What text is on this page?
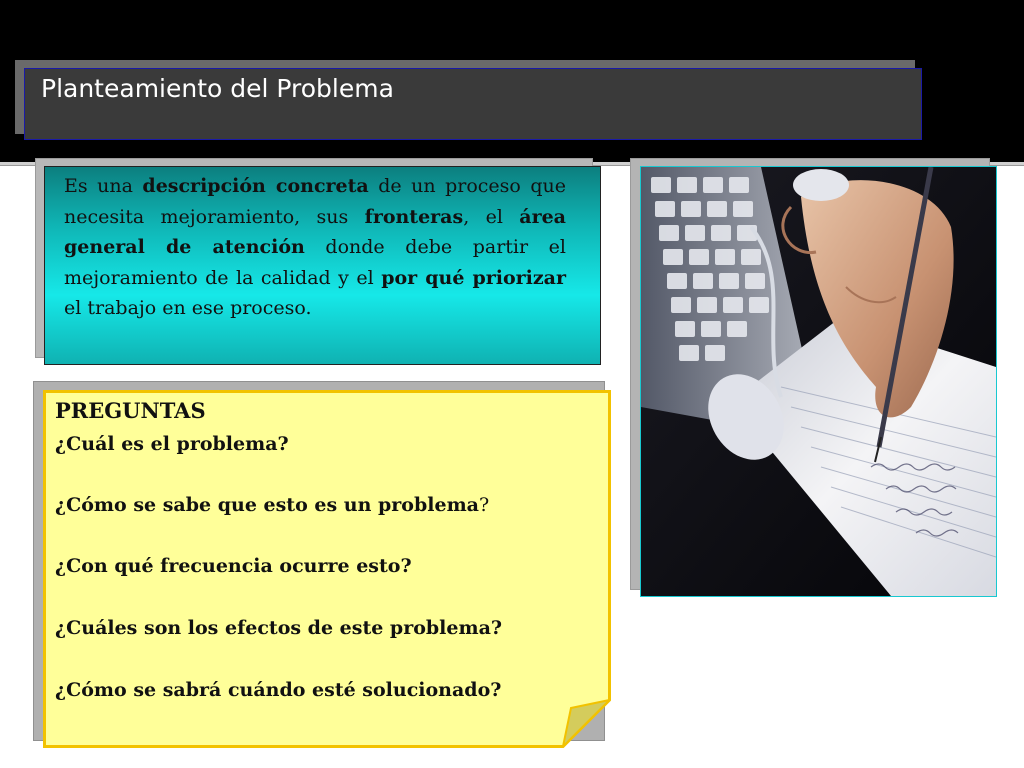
Planteamiento del Problema

Es una descripción concreta de un proceso que necesita mejoramiento, sus fronteras, el área general de atención donde debe partir el mejoramiento de la calidad y el por qué priorizar el trabajo en ese proceso.

PREGUNTAS

¿Cuál es el problema?

¿Cómo se sabe que esto es un problema?

¿Con qué frecuencia ocurre esto?

¿Cuáles son los efectos de este problema?

¿Cómo se sabrá cuándo esté solucionado?
